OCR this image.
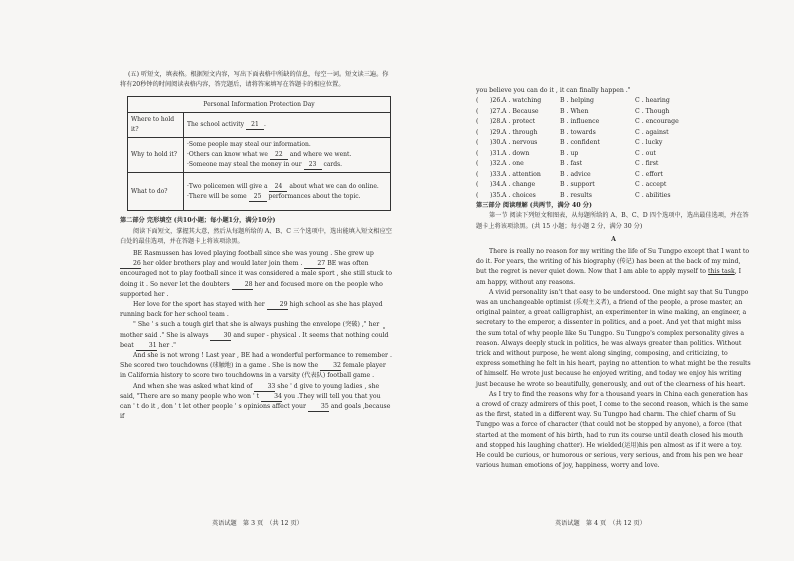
(五) 听短文，填表格。根据短文内容，写出下面表格中所缺的信息，每空一词。短文读三遍。你将有20秒钟的时间阅读表格内容，答完题后，请将答案填写在答题卡的相应位置。

Personal Information Protection Day	
Where to hold it?	The school activity 21 .
Why to hold it?	·Some people may steal our information.
·Others can know what we 22 and where we went.
·Someone may steal the money in our 23 cards.

What to do?	·Two policemen will give a 24 about what we can do online.
·There will be some 25 performances about the topic.

第二部分 完形填空 (共10小题；每小题1分，满分10分)

阅读下面短文，掌握其大意，然后从每题所给的 A、B、C 三个选项中，选出能填入短文相应空白处的最佳选项，并在答题卡上将该项涂黑。

BE Rasmussen has loved playing football since she was young . She grew up 26 her older brothers play and would later join them . 27 BE was often encouraged not to play football since it was considered a male sport , she still stuck to doing it . So never let the doubters 28 her and focused more on the people who supported her .

Her love for the sport has stayed with her 29 high school as she has played running back for her school team .

" She ' s such a tough girl that she is always pushing the envelope (突破) ," her mother said ." She is always 30 and super - physical . It seems that nothing could beat 31 her ."

And she is not wrong ! Last year , BE had a wonderful performance to remember . She scored two touchdowns (球触地) in a game . She is now the 32 female player in California history to score two touchdowns in a varsity (代表队) football game .

And when she was asked what kind of 33 she ' d give to young ladies , she said, "There are so many people who won ' t 34 you .They will tell you that you can ' t do it , don ' t let other people ' s opinions affect your 35 and goals ,because if

英语试题　第 3 页　（共 12 页）

you believe you can do it , it can finally happen ."

(	)26. A . watching	B . helping	C . hearing
(	)27. A . Because	B . When	C . Though
(	)28. A . protect	B . influence	C . encourage
(	)29. A . through	B . towards	C . against
(	)30. A . nervous	B . confident	C . lucky
(	)31. A . down	B . up	C . out
(	)32. A . one	B . fast	C . first
(	)33. A . attention	B . advice	C . effort
(	)34. A . change	B . support	C . accept
(	)35. A . choices	B . results	C . abilities

第三部分 阅读理解 (共两节，满分 40 分)

第一节 阅读下列短文和图表，从每题所给的 A、B、C、D 四个选项中，选出最佳选项，并在答题卡上将该项涂黑。(共 15 小题；每小题 2 分，满分 30 分)

A

There is really no reason for my writing the life of Su Tungpo except that I want to do it. For years, the writing of his biography (传记) has been at the back of my mind, but the regret is never quiet down. Now that I am able to apply myself to this task, I am happy, without any reasons.

A vivid personality isn't that easy to be understood. One might say that Su Tungpo was an unchangeable optimist (乐观主义者), a friend of the people, a prose master, an original painter, a great calligraphist, an experimenter in wine making, an engineer, a secretary to the emperor, a dissenter in politics, and a poet. And yet that might miss the sum total of why people like Su Tungpo. Su Tungpo's complex personality gives a reason. Always deeply stuck in politics, he was always greater than politics. Without trick and without purpose, he went along singing, composing, and criticizing, to express something he felt in his heart, paying no attention to what might be the results of himself. He wrote just because he enjoyed writing, and today we enjoy his writing just because he wrote so beautifully, generously, and out of the clearness of his heart.

As I try to find the reasons why for a thousand years in China each generation has a crowd of crazy admirers of this poet, I come to the second reason, which is the same as the first, stated in a different way. Su Tungpo had charm. The chief charm of Su Tungpo was a force of character (that could not be stopped by anyone), a force (that started at the moment of his birth, had to run its course until death closed his mouth and stopped his laughing chatter). He wielded(运用)his pen almost as if it were a toy. He could be curious, or humorous or serious, very serious, and from his pen we hear various human emotions of joy, happiness, worry and love.

英语试题　第 4 页　（共 12 页）
